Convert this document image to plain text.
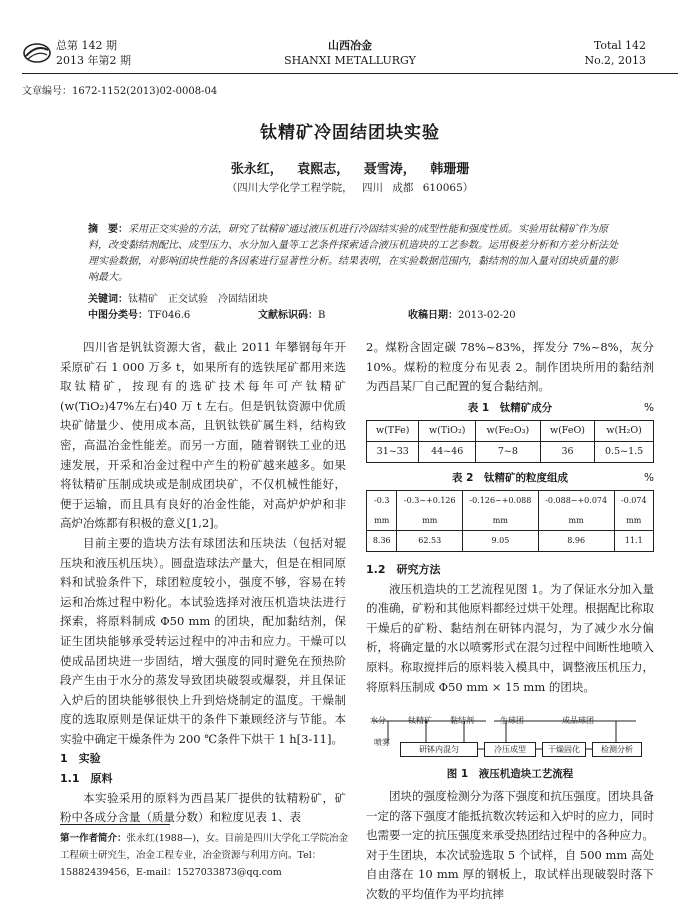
总第 142 期
2013 年第2 期
山西冶金
SHANXI METALLURGY
Total 142
No.2, 2013
文章编号：1672-1152(2013)02-0008-04
钛精矿冷固结团块实验
张永红， 袁熙志， 聂雪涛， 韩珊珊
（四川大学化学工程学院， 四川 成都 610065）
摘　要：采用正交实验的方法，研究了钛精矿通过液压机进行冷固结实验的成型性能和强度性质。实验用钛精矿作为原料，改变黏结剂配比、成型压力、水分加入量等工艺条件探索适合液压机造块的工艺参数。运用极差分析和方差分析法处理实验数据，对影响团块性能的各因素进行显著性分析。结果表明，在实验数据范围内，黏结剂的加入量对团块质量的影响最大。
关键词：钛精矿　正交试验　冷固结团块
中图分类号：TF046.6	文献标识码：B	收稿日期：2013-02-20

四川省是钒钛资源大省，截止 2011 年攀钢每年开采原矿石 1 000 万多 t，如果所有的选铁尾矿都用来选取钛精矿，按现有的选矿技术每年可产钛精矿(w(TiO₂)47%左右)40 万 t 左右。但是钒钛资源中优质块矿储量少、使用成本高，且钒钛铁矿属生料，结构致密，高温冶金性能差。而另一方面，随着钢铁工业的迅速发展，开采和冶金过程中产生的粉矿越来越多。如果将钛精矿压制成块或是制成团块矿，不仅机械性能好，便于运输，而且具有良好的冶金性能，对高炉炉炉和非高炉冶炼都有积极的意义[1,2]。

目前主要的造块方法有球团法和压块法（包括对辊压块和液压机压块）。圆盘造球法产量大，但是在相同原料和试验条件下，球团粒度较小，强度不够，容易在转运和冶炼过程中粉化。本试验选择对液压机造块法进行探索，将原料制成 Φ50 mm 的团块，配加黏结剂，保证生团块能够承受转运过程中的冲击和应力。干燥可以使成品团块进一步固结，增大强度的同时避免在预热阶段产生由于水分的蒸发导致团块破裂或爆裂，并且保证入炉后的团块能够很快上升到焙烧制定的温度。干燥制度的选取原则是保证烘干的条件下兼顾经济与节能。本实验中确定干燥条件为 200 ℃条件下烘干 1 h[3-11]。

1　实验

1.1　原料

本实验采用的原料为西昌某厂提供的钛精粉矿，矿粉中各成分含量（质量分数）和粒度见表 1、表

第一作者简介：张永红(1988—)，女。目前是四川大学化工学院冶金工程硕士研究生，冶金工程专业，冶金资源与利用方向。Tel：15882439456，E-mail：1527033873@qq.com

2。煤粉含固定碳 78%~83%，挥发分 7%~8%，灰分 10%。煤粉的粒度分布见表 2。制作团块所用的黏结剂为西昌某厂自己配置的复合黏结剂。

表 1　钛精矿成分	%
w(TFe)	w(TiO₂)	w(Fe₂O₃)	w(FeO)	w(H₂O)
31~33	44~46	7~8	36	0.5~1.5
表 2　钛精矿的粒度组成	%
-0.3 mm	-0.3~+0.126 mm	-0.126~+0.088 mm	-0.088~+0.074 mm	-0.074 mm
8.36	62.53	9.05	8.96	11.1

1.2　研究方法

液压机造块的工艺流程见图 1。为了保证水分加入量的准确，矿粉和其他原料都经过烘干处理。根据配比称取干燥后的矿粉、黏结剂在研钵内混匀，为了减少水分偏析，将确定量的水以喷雾形式在混匀过程中间断性地喷入原料。称取搅拌后的原料装入模具中，调整液压机压力，将原料压制成 Φ50 mm × 15 mm 的团块。

水分	钛精矿 黏结剂	生球团	成品球团
喷雾
研钵内混匀	冷压成型	干燥固化	检测分析
图 1　液压机造块工艺流程

团块的强度检测分为落下强度和抗压强度。团块具备一定的落下强度才能抵抗数次转运和入炉时的应力，同时也需要一定的抗压强度来承受热团结过程中的各种应力。对于生团块，本次试验选取 5 个试样，自 500 mm 高处自由落在 10 mm 厚的钢板上，取试样出现破裂时落下次数的平均值作为平均抗摔
